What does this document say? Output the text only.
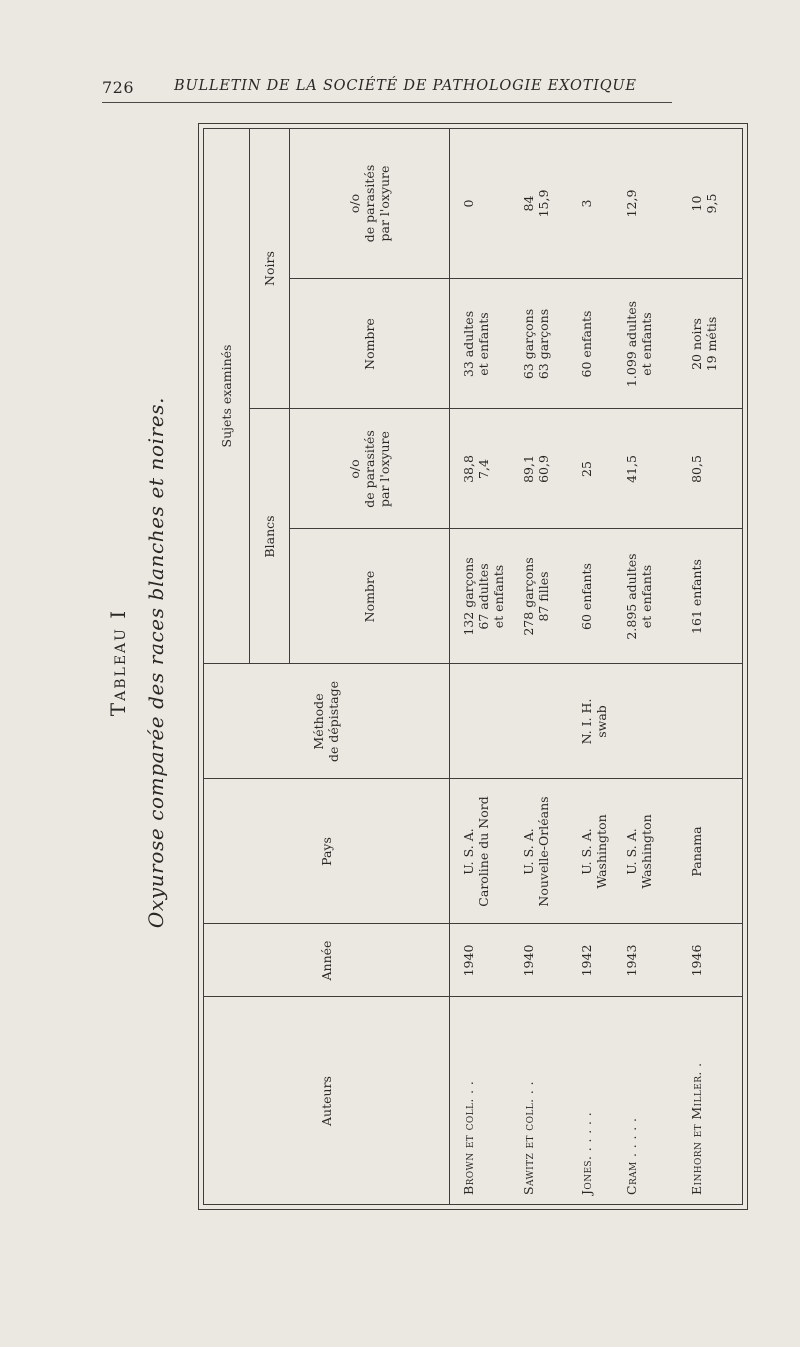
726	BULLETIN DE LA SOCIÉTÉ DE PATHOLOGIE EXOTIQUE
Tableau I Oxyurose comparée des races blanches et noires.
Auteurs
Année
Pays
Méthode
de dépistage
Sujets examinés
Blancs
Noirs
Nombre
o/o
de parasités
par l'oxyure
Nombre
o/o
de parasités
par l'oxyure
Brown et coll. . .
1940
U. S. A. Caroline du Nord
132 garçons 67 adultes et enfants
38,8 7,4
33 adultes et enfants
0
Sawitz et coll. . .
1940
U. S. A. Nouvelle-Orléans
278 garçons 87 filles
89,1 60,9
63 garçons 63 garçons
84 15,9
Jones. . . . . .
1942
U. S. A. Washington
N. I. H. swab
60 enfants
25
60 enfants
3
Cram . . . . .
1943
U. S. A. Washington
2.895 adultes et enfants
41,5
1.099 adultes et enfants
12,9
Einhorn et Miller. .
1946
Panama
161 enfants
80,5
20 noirs 19 métis
10 9,5
